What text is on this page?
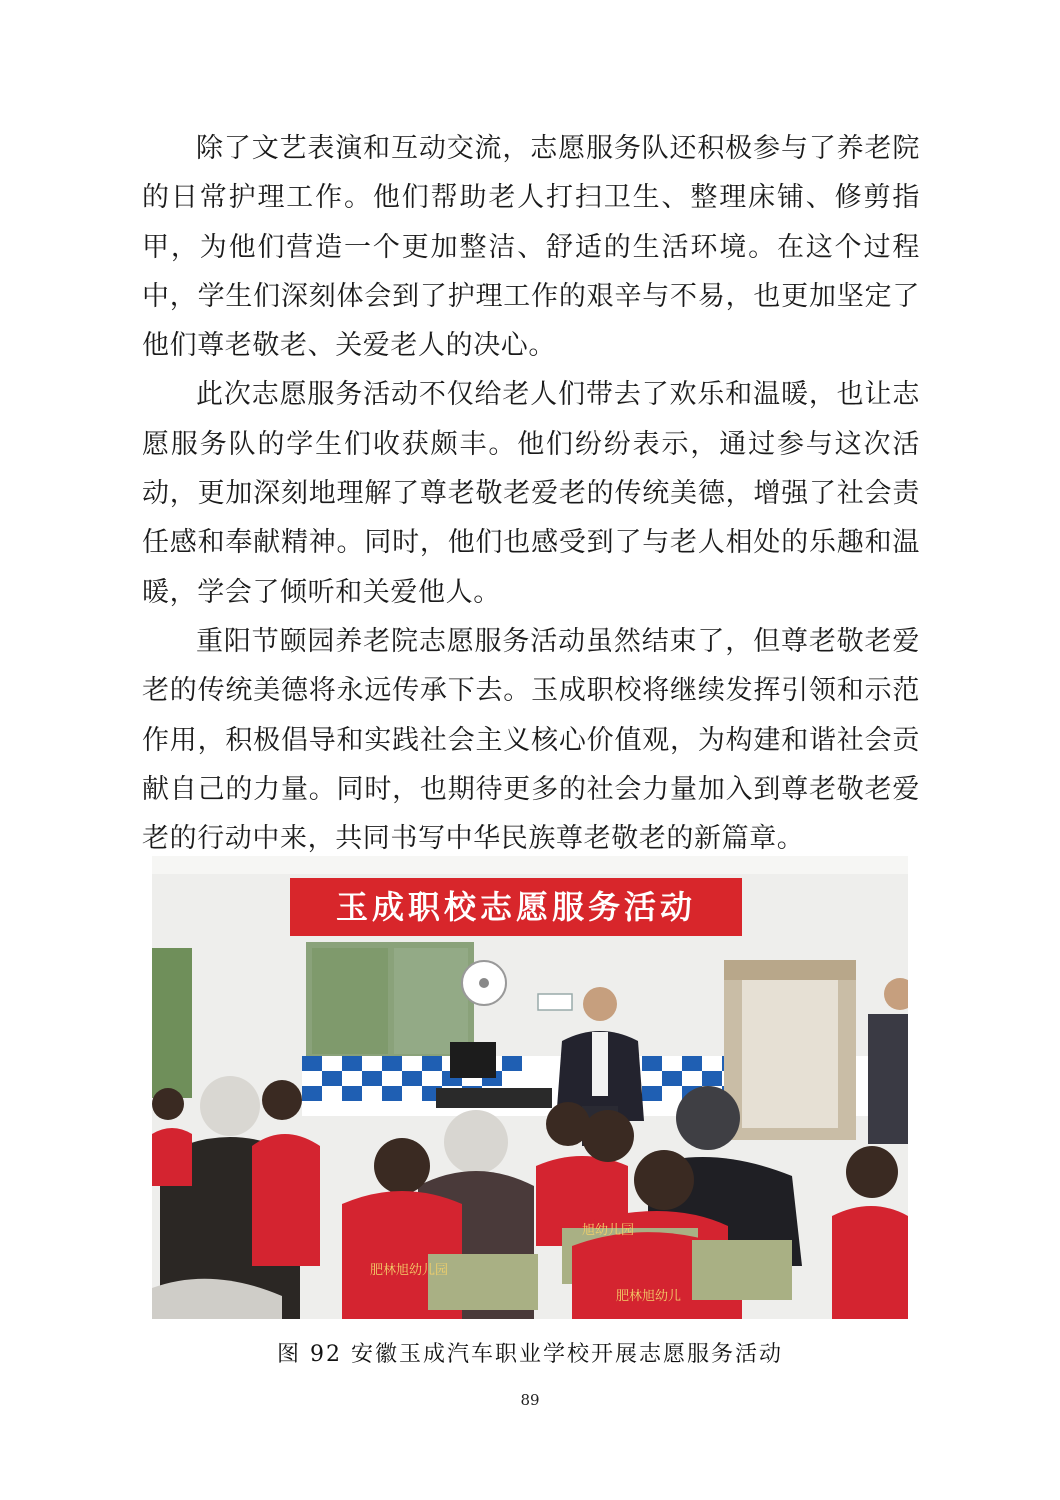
除了文艺表演和互动交流，志愿服务队还积极参与了养老院的日常护理工作。他们帮助老人打扫卫生、整理床铺、修剪指甲，为他们营造一个更加整洁、舒适的生活环境。在这个过程中，学生们深刻体会到了护理工作的艰辛与不易，也更加坚定了他们尊老敬老、关爱老人的决心。

此次志愿服务活动不仅给老人们带去了欢乐和温暖，也让志愿服务队的学生们收获颇丰。他们纷纷表示，通过参与这次活动，更加深刻地理解了尊老敬老爱老的传统美德，增强了社会责任感和奉献精神。同时，他们也感受到了与老人相处的乐趣和温暖，学会了倾听和关爱他人。

重阳节颐园养老院志愿服务活动虽然结束了，但尊老敬老爱老的传统美德将永远传承下去。玉成职校将继续发挥引领和示范作用，积极倡导和实践社会主义核心价值观，为构建和谐社会贡献自己的力量。同时，也期待更多的社会力量加入到尊老敬老爱老的行动中来，共同书写中华民族尊老敬老的新篇章。

玉成职校志愿服务活动
肥林旭幼儿园
旭幼儿园
肥林旭幼儿
图 92 安徽玉成汽车职业学校开展志愿服务活动
89
